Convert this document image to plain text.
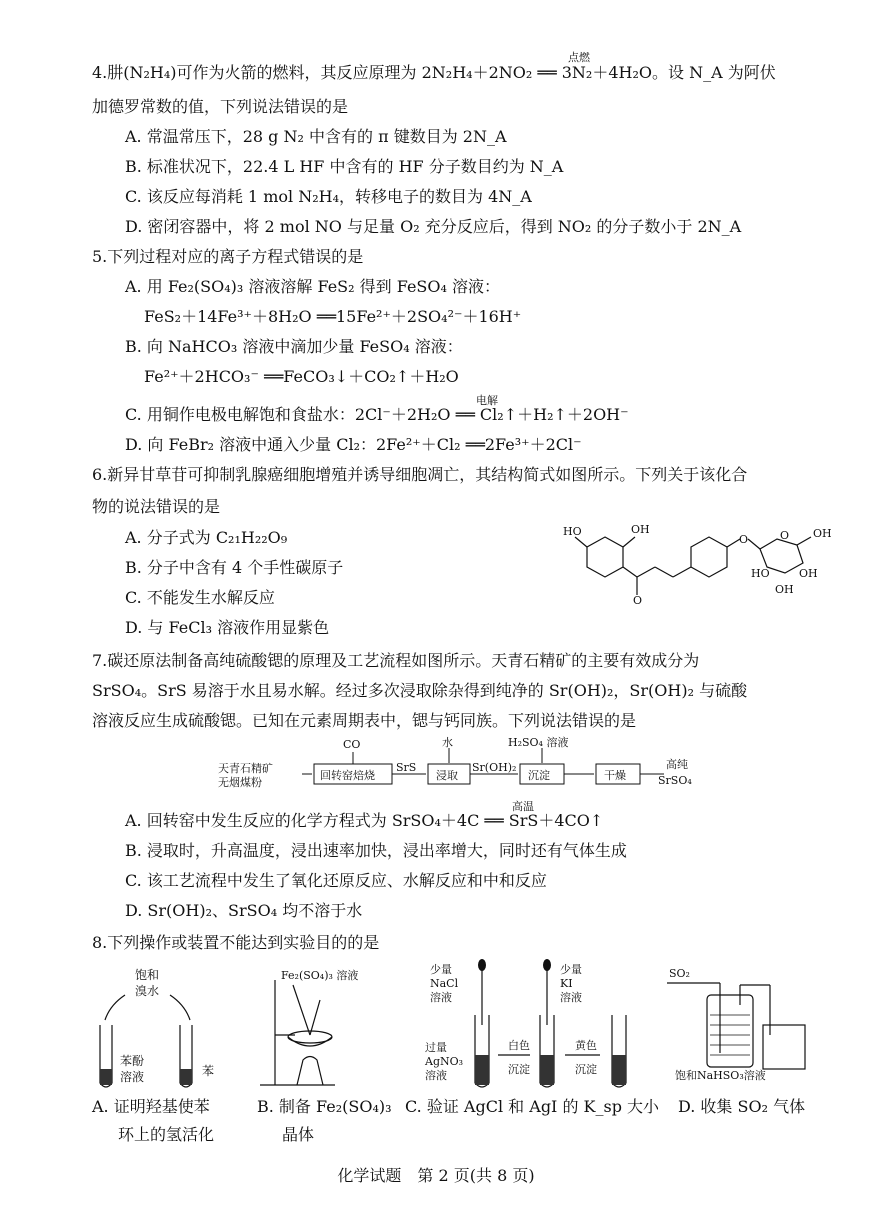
4.肼(N₂H₄)可作为火箭的燃料，其反应原理为 2N₂H₄＋2NO₂ ══ 3N₂＋4H₂O。设 N_A 为阿伏
点燃
加德罗常数的值，下列说法错误的是
A. 常温常压下，28 g N₂ 中含有的 π 键数目为 2N_A
B. 标准状况下，22.4 L HF 中含有的 HF 分子数目约为 N_A
C. 该反应每消耗 1 mol N₂H₄，转移电子的数目为 4N_A
D. 密闭容器中，将 2 mol NO 与足量 O₂ 充分反应后，得到 NO₂ 的分子数小于 2N_A
5.下列过程对应的离子方程式错误的是
A. 用 Fe₂(SO₄)₃ 溶液溶解 FeS₂ 得到 FeSO₄ 溶液：
FeS₂＋14Fe³⁺＋8H₂O ══15Fe²⁺＋2SO₄²⁻＋16H⁺
B. 向 NaHCO₃ 溶液中滴加少量 FeSO₄ 溶液：
Fe²⁺＋2HCO₃⁻ ══FeCO₃↓＋CO₂↑＋H₂O
C. 用铜作电极电解饱和食盐水：2Cl⁻＋2H₂O ══ Cl₂↑＋H₂↑＋2OH⁻
电解
D. 向 FeBr₂ 溶液中通入少量 Cl₂：2Fe²⁺＋Cl₂ ══2Fe³⁺＋2Cl⁻
6.新异甘草苷可抑制乳腺癌细胞增殖并诱导细胞凋亡，其结构简式如图所示。下列关于该化合
物的说法错误的是
A. 分子式为 C₂₁H₂₂O₉
B. 分子中含有 4 个手性碳原子
C. 不能发生水解反应
D. 与 FeCl₃ 溶液作用显紫色
HO	OH
O
O	OH
HO	OH
OH
O
7.碳还原法制备高纯硫酸锶的原理及工艺流程如图所示。天青石精矿的主要有效成分为
SrSO₄。SrS 易溶于水且易水解。经过多次浸取除杂得到纯净的 Sr(OH)₂，Sr(OH)₂ 与硫酸
溶液反应生成硫酸锶。已知在元素周期表中，锶与钙同族。下列说法错误的是
天青石精矿
无烟煤粉
回转窑焙烧
CO
SrS
水
浸取
Sr(OH)₂
H₂SO₄ 溶液
沉淀	干燥
高纯
SrSO₄
A. 回转窑中发生反应的化学方程式为 SrSO₄＋4C ══ SrS＋4CO↑
高温
B. 浸取时，升高温度，浸出速率加快，浸出率增大，同时还有气体生成
C. 该工艺流程中发生了氧化还原反应、水解反应和中和反应
D. Sr(OH)₂、SrSO₄ 均不溶于水
8.下列操作或装置不能达到实验目的的是
饱和
溴水
苯酚
溶液	苯
Fe₂(SO₄)₃ 溶液	少量
NaCl
溶液
少量
KI
溶液
过量
AgNO₃
溶液
白色
沉淀
黄色
沉淀
SO₂
饱和NaHSO₃溶液
A. 证明羟基使苯
环上的氢活化
B. 制备 Fe₂(SO₄)₃
晶体
C. 验证 AgCl 和 AgI 的 K_sp 大小 D. 收集 SO₂ 气体
化学试题　第 2 页(共 8 页)
